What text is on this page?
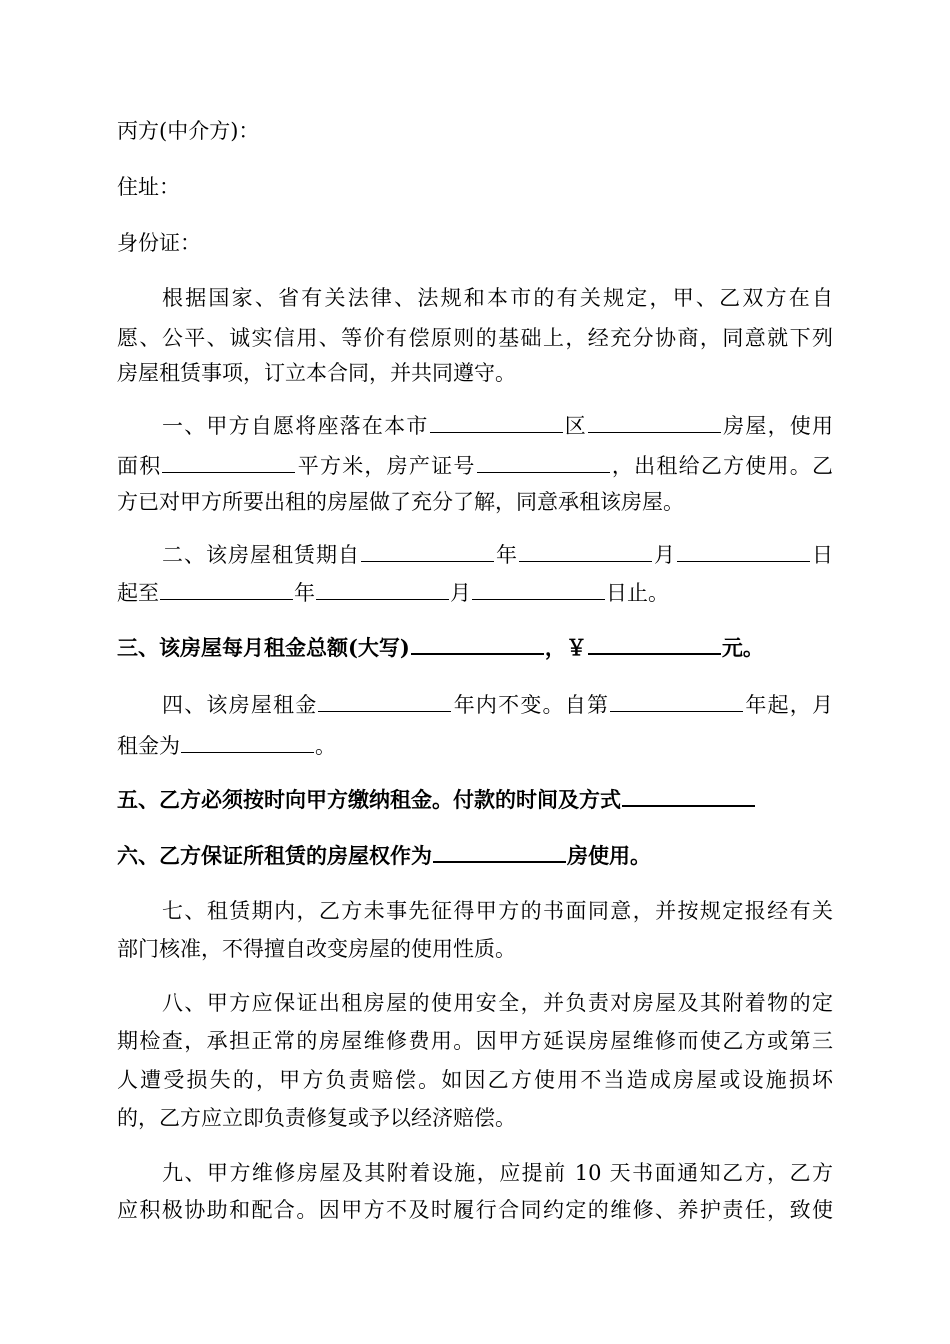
丙方(中介方)：
住址：
身份证：
根据国家、省有关法律、法规和本市的有关规定，甲、乙双方在自
愿、公平、诚实信用、等价有偿原则的基础上，经充分协商，同意就下列
房屋租赁事项，订立本合同，并共同遵守。
一、甲方自愿将座落在本市	区	房屋，使用
面积	平方米，房产证号	，出租给乙方使用。乙
方已对甲方所要出租的房屋做了充分了解，同意承租该房屋。
二、该房屋租赁期自	年	月	日
起至	年	月	日止。
三、该房屋每月租金总额(大写)	，￥	元。
四、该房屋租金	年内不变。自第	年起，月
租金为	。
五、乙方必须按时向甲方缴纳租金。付款的时间及方式
六、乙方保证所租赁的房屋权作为	房使用。
七、租赁期内，乙方未事先征得甲方的书面同意，并按规定报经有关
部门核准，不得擅自改变房屋的使用性质。
八、甲方应保证出租房屋的使用安全，并负责对房屋及其附着物的定
期检查，承担正常的房屋维修费用。因甲方延误房屋维修而使乙方或第三
人遭受损失的，甲方负责赔偿。如因乙方使用不当造成房屋或设施损坏
的，乙方应立即负责修复或予以经济赔偿。
九、甲方维修房屋及其附着设施，应提前 10 天书面通知乙方，乙方
应积极协助和配合。因甲方不及时履行合同约定的维修、养护责任，致使
